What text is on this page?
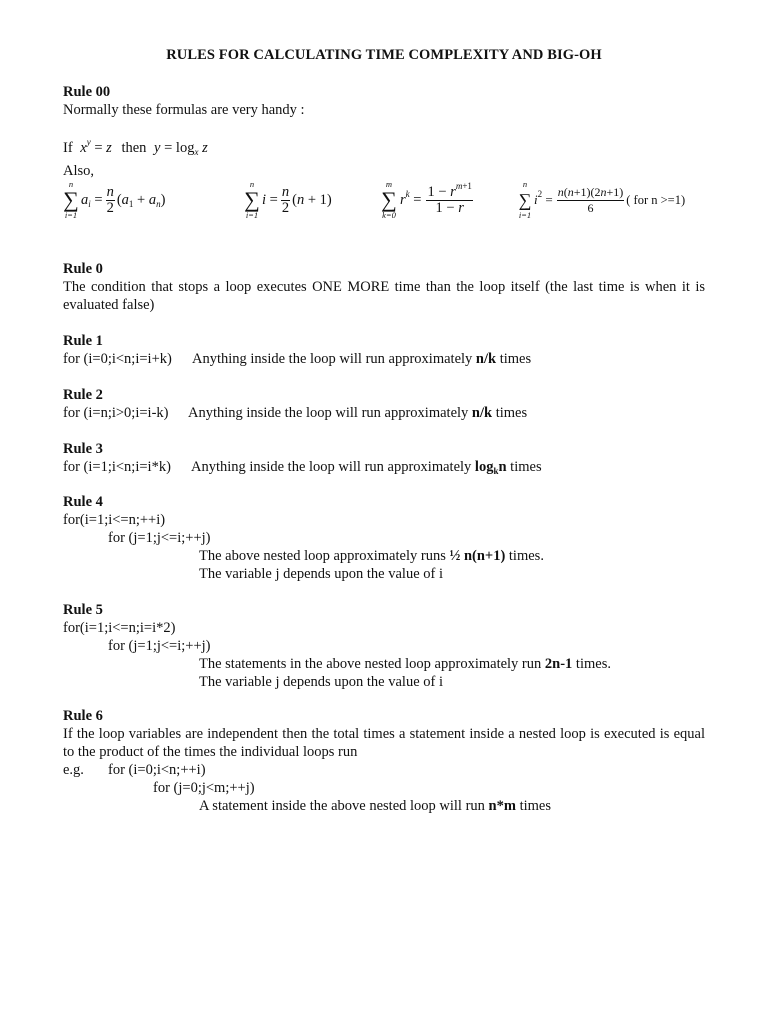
RULES FOR CALCULATING TIME COMPLEXITY AND BIG-OH
Rule 00
Normally these formulas are very handy :
If $x^y = z$ then $y = \log_x z$
Also,
n
∑
i=1
$a_i = \frac{n}{2} (a_1 + a_n)$
n
∑
i=1
$i = \frac{n}{2} (n + 1)$
m
∑
k=0
$r^k = \frac{1 - r^{m+1}}{1 - r}$
n
∑
i=1
$i^2 = \frac{n(n+1)(2n+1)}{6}$ ( for n >=1)
Rule 0
The condition that stops a loop executes ONE MORE time than the loop itself (the last time is when it is evaluated false)
Rule 1
for (i=0;i<n;i=i+k) Anything inside the loop will run approximately n/k times
Rule 2
for (i=n;i>0;i=i-k) Anything inside the loop will run approximately n/k times
Rule 3
for (i=1;i<n;i=i*k) Anything inside the loop will run approximately $\log_kn$ times
Rule 4
for(i=1;i<=n;++i)
for (j=1;j<=i;++j)
The above nested loop approximately runs ½ n(n+1) times.
The variable j depends upon the value of i
Rule 5
for(i=1;i<=n;i=i*2)
for (j=1;j<=i;++j)
The statements in the above nested loop approximately run 2n-1 times.
The variable j depends upon the value of i
Rule 6
If the loop variables are independent then the total times a statement inside a nested loop is executed is equal to the product of the times the individual loops run
e.g. for (i=0;i<n;++i)
for (j=0;j<m;++j)
A statement inside the above nested loop will run n*m times
